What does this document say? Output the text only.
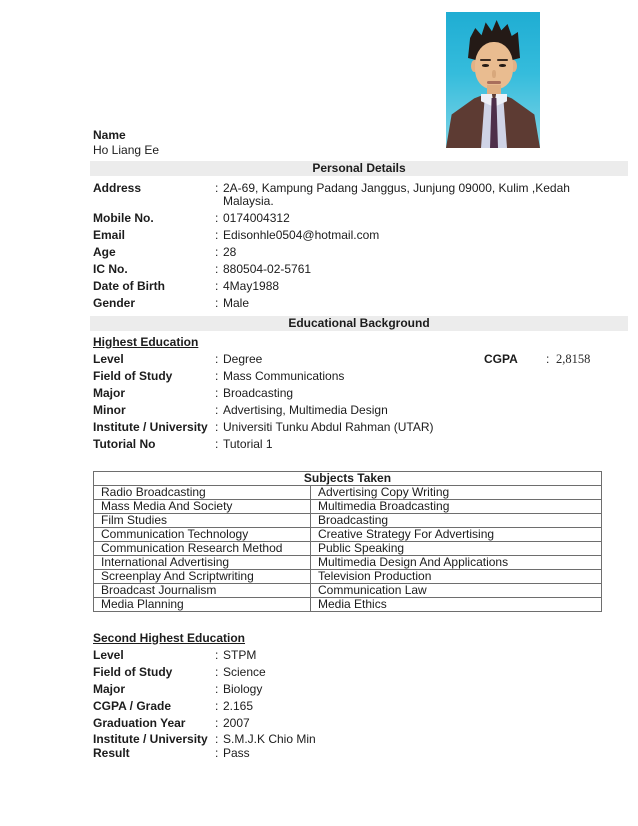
Name
Ho Liang Ee
Personal Details
Address	: 2A-69, Kampung Padang Janggus, Junjung 09000, Kulim ,Kedah Malaysia.
Mobile No.	: 0174004312
Email	: Edisonhle0504@hotmail.com
Age	: 28
IC No.	: 880504-02-5761
Date of Birth	: 4May1988
Gender	: Male
Educational Background
Highest Education
Level	: Degree	CGPA	: 2,8158
Field of Study	: Mass Communications
Major	: Broadcasting
Minor	: Advertising, Multimedia Design
Institute / University : Universiti Tunku Abdul Rahman (UTAR)
Tutorial No	: Tutorial 1
Subjects Taken	
Radio Broadcasting	Advertising Copy Writing
Mass Media And Society	Multimedia Broadcasting
Film Studies	Broadcasting
Communication Technology	Creative Strategy For Advertising
Communication Research Method	Public Speaking
International Advertising	Multimedia Design And Applications
Screenplay And Scriptwriting	Television Production
Broadcast Journalism	Communication Law
Media Planning	Media Ethics
Second Highest Education
Level	: STPM
Field of Study	: Science
Major	: Biology
CGPA / Grade	: 2.165
Graduation Year	: 2007
Institute / University : S.M.J.K Chio Min
Result	: Pass
